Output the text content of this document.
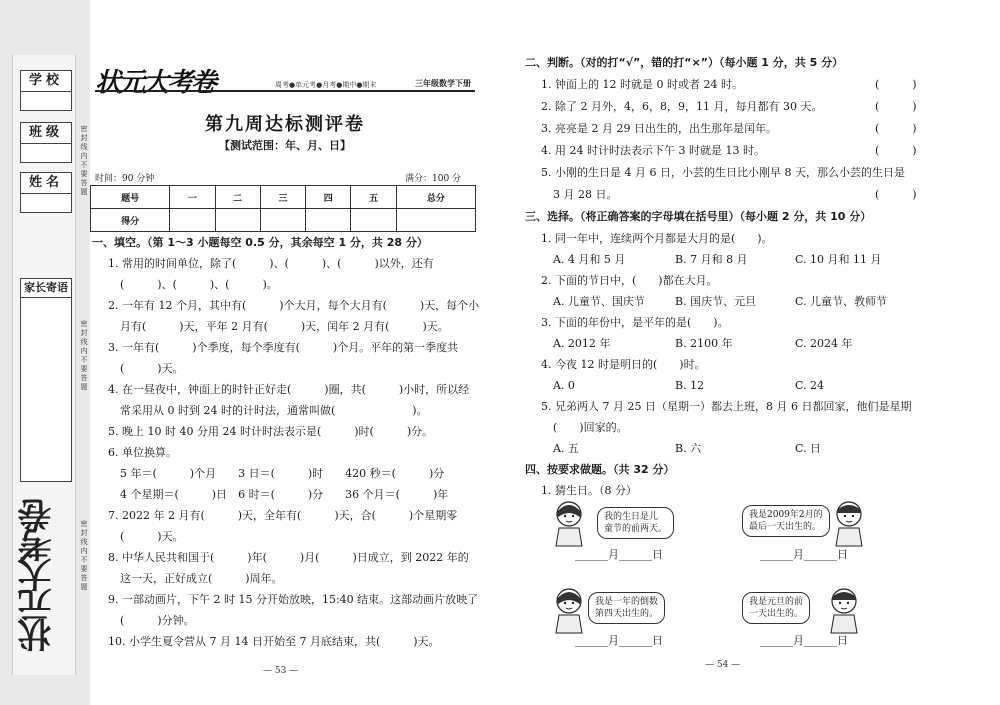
学校
班级
姓名	密封线内不要答题
家长寄语
密封线内不要答题
密封线内不要答题
状元大考卷
状元大考卷	周考●单元考●月考●期中●期末	三年级数学下册
第九周达标测评卷
【测试范围：年、月、日】
时间：90 分钟	满分：100 分
题号	一	二	三	四	五	总分
得分						
一、填空。（第 1～3 小题每空 0.5 分，其余每空 1 分，共 28 分）
1. 常用的时间单位，除了(　　　)、(　　　)、(　　　)以外，还有
(　　　)、(　　　)、(　　　)。
2. 一年有 12 个月，其中有(　　　)个大月，每个大月有(　　　)天，每个小
月有(　　　)天，平年 2 月有(　　　)天，闰年 2 月有(　　　)天。
3. 一年有(　　　)个季度，每个季度有(　　　)个月。平年的第一季度共
(　　　)天。
4. 在一昼夜中，钟面上的时针正好走(　　　)圈，共(　　　)小时，所以经
常采用从 0 时到 24 时的计时法，通常叫做(　　　　　　　)。
5. 晚上 10 时 40 分用 24 时计时法表示是(　　　)时(　　　)分。
6. 单位换算。
5 年＝(　　　)个月　　3 日＝(　　　)时　　420 秒＝(　　　)分
4 个星期＝(　　　)日　6 时＝(　　　)分　　36 个月＝(　　　)年
7. 2022 年 2 月有(　　　)天，全年有(　　　)天，合(　　　)个星期零
(　　　)天。
8. 中华人民共和国于(　　　)年(　　　)月(　　　)日成立，到 2022 年的
这一天，正好成立(　　　)周年。
9. 一部动画片，下午 2 时 15 分开始放映，15:40 结束。这部动画片放映了
(　　　)分钟。
10. 小学生夏令营从 7 月 14 日开始至 7 月底结束，共(　　　)天。
— 53 —
二、判断。（对的打“√”，错的打“×”）（每小题 1 分，共 5 分）
1. 钟面上的 12 时就是 0 时或者 24 时。	(　　　)
2. 除了 2 月外，4，6，8，9，11 月，每月都有 30 天。	(　　　)
3. 亮亮是 2 月 29 日出生的，出生那年是闰年。	(　　　)
4. 用 24 时计时法表示下午 3 时就是 13 时。	(　　　)
5. 小刚的生日是 4 月 6 日，小芸的生日比小刚早 8 天，那么小芸的生日是
3 月 28 日。	(　　　)
三、选择。（将正确答案的字母填在括号里）（每小题 2 分，共 10 分）
1. 同一年中，连续两个月都是大月的是(　　)。
A. 4 月和 5 月	B. 7 月和 8 月	C. 10 月和 11 月
2. 下面的节日中，(　　)都在大月。
A. 儿童节、国庆节	B. 国庆节、元旦	C. 儿童节、教师节
3. 下面的年份中，是平年的是(　　)。
A. 2012 年	B. 2100 年	C. 2024 年
4. 今夜 12 时是明日的(　　)时。
A. 0	B. 12	C. 24
5. 兄弟两人 7 月 25 日（星期一）都去上班，8 月 6 日都回家，他们是星期
(　　)回家的。
A. 五	B. 六	C. 日
四、按要求做题。（共 32 分）
1. 猜生日。（8 分）
我的生日是儿
童节的前两天。
______月______日
我是2009年2月的
最后一天出生的。
______月______日
我是一年的倒数
第四天出生的。
______月______日
我是元旦的前
一天出生的。
______月______日
— 54 —
